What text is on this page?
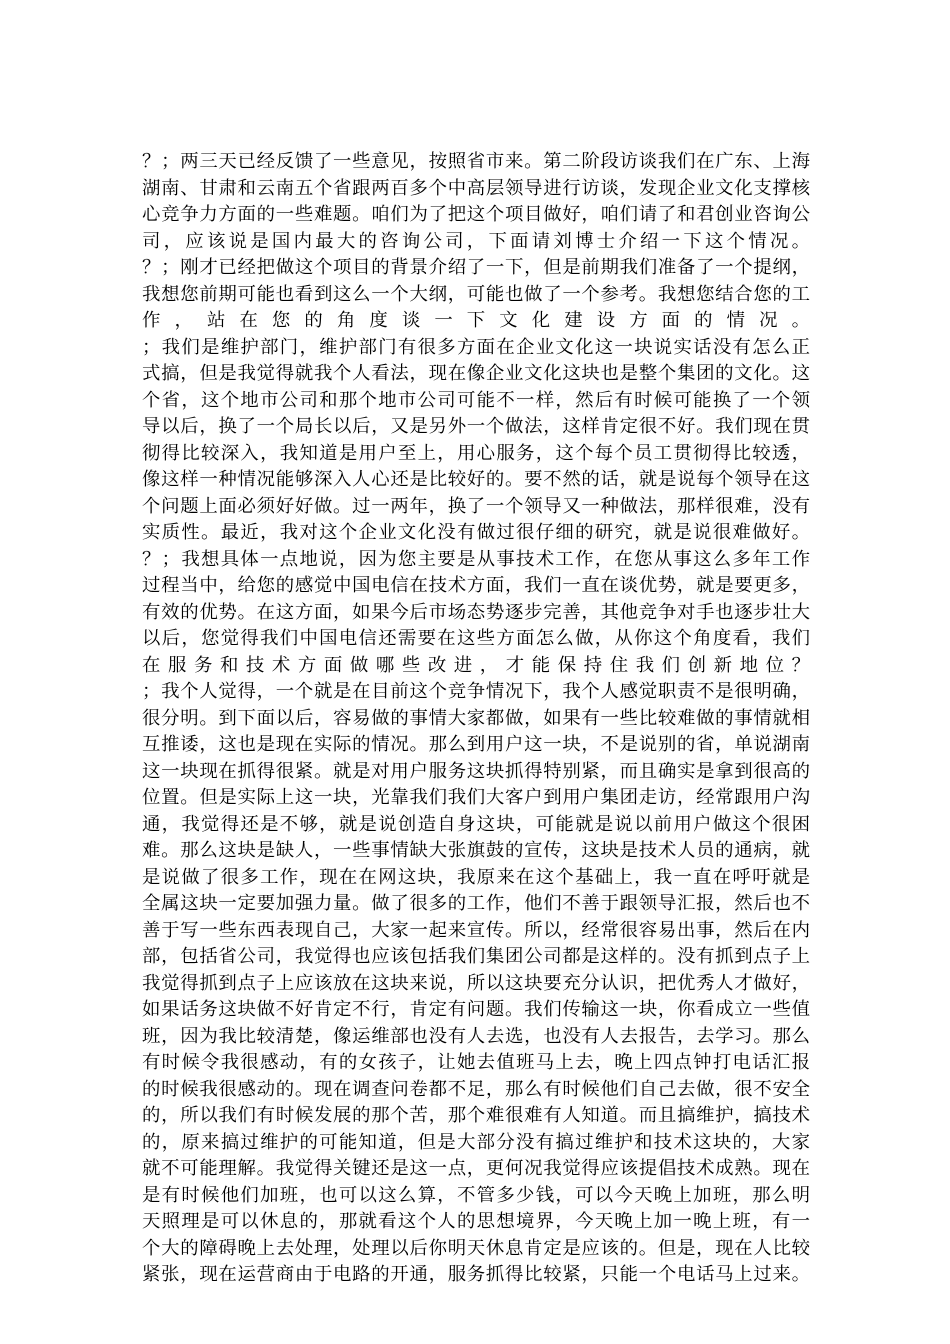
？；两三天已经反馈了一些意见，按照省市来。第二阶段访谈我们在广东、上海
湖南、甘肃和云南五个省跟两百多个中高层领导进行访谈，发现企业文化支撑核
心竞争力方面的一些难题。咱们为了把这个项目做好，咱们请了和君创业咨询公
司，应该说是国内最大的咨询公司，下面请刘博士介绍一下这个情况。
？；刚才已经把做这个项目的背景介绍了一下，但是前期我们准备了一个提纲，
我想您前期可能也看到这么一个大纲，可能也做了一个参考。我想您结合您的工
作，站在您的角度谈一下文化建设方面的情况。
；我们是维护部门，维护部门有很多方面在企业文化这一块说实话没有怎么正
式搞，但是我觉得就我个人看法，现在像企业文化这块也是整个集团的文化。这
个省，这个地市公司和那个地市公司可能不一样，然后有时候可能换了一个领
导以后，换了一个局长以后，又是另外一个做法，这样肯定很不好。我们现在贯
彻得比较深入，我知道是用户至上，用心服务，这个每个员工贯彻得比较透，
像这样一种情况能够深入人心还是比较好的。要不然的话，就是说每个领导在这
个问题上面必须好好做。过一两年，换了一个领导又一种做法，那样很难，没有
实质性。最近，我对这个企业文化没有做过很仔细的研究，就是说很难做好。
？；我想具体一点地说，因为您主要是从事技术工作，在您从事这么多年工作
过程当中，给您的感觉中国电信在技术方面，我们一直在谈优势，就是要更多，
有效的优势。在这方面，如果今后市场态势逐步完善，其他竞争对手也逐步壮大
以后，您觉得我们中国电信还需要在这些方面怎么做，从你这个角度看，我们
在服务和技术方面做哪些改进，才能保持住我们创新地位？
；我个人觉得，一个就是在目前这个竞争情况下，我个人感觉职责不是很明确，
很分明。到下面以后，容易做的事情大家都做，如果有一些比较难做的事情就相
互推诿，这也是现在实际的情况。那么到用户这一块，不是说别的省，单说湖南
这一块现在抓得很紧。就是对用户服务这块抓得特别紧，而且确实是拿到很高的
位置。但是实际上这一块，光靠我们我们大客户到用户集团走访，经常跟用户沟
通，我觉得还是不够，就是说创造自身这块，可能就是说以前用户做这个很困
难。那么这块是缺人，一些事情缺大张旗鼓的宣传，这块是技术人员的通病，就
是说做了很多工作，现在在网这块，我原来在这个基础上，我一直在呼吁就是
全属这块一定要加强力量。做了很多的工作，他们不善于跟领导汇报，然后也不
善于写一些东西表现自己，大家一起来宣传。所以，经常很容易出事，然后在内
部，包括省公司，我觉得也应该包括我们集团公司都是这样的。没有抓到点子上
我觉得抓到点子上应该放在这块来说，所以这块要充分认识，把优秀人才做好，
如果话务这块做不好肯定不行，肯定有问题。我们传输这一块，你看成立一些值
班，因为我比较清楚，像运维部也没有人去选，也没有人去报告，去学习。那么
有时候令我很感动，有的女孩子，让她去值班马上去，晚上四点钟打电话汇报
的时候我很感动的。现在调查问卷都不足，那么有时候他们自己去做，很不安全
的，所以我们有时候发展的那个苦，那个难很难有人知道。而且搞维护，搞技术
的，原来搞过维护的可能知道，但是大部分没有搞过维护和技术这块的，大家
就不可能理解。我觉得关键还是这一点，更何况我觉得应该提倡技术成熟。现在
是有时候他们加班，也可以这么算，不管多少钱，可以今天晚上加班，那么明
天照理是可以休息的，那就看这个人的思想境界，今天晚上加一晚上班，有一
个大的障碍晚上去处理，处理以后你明天休息肯定是应该的。但是，现在人比较
紧张，现在运营商由于电路的开通，服务抓得比较紧，只能一个电话马上过来。
